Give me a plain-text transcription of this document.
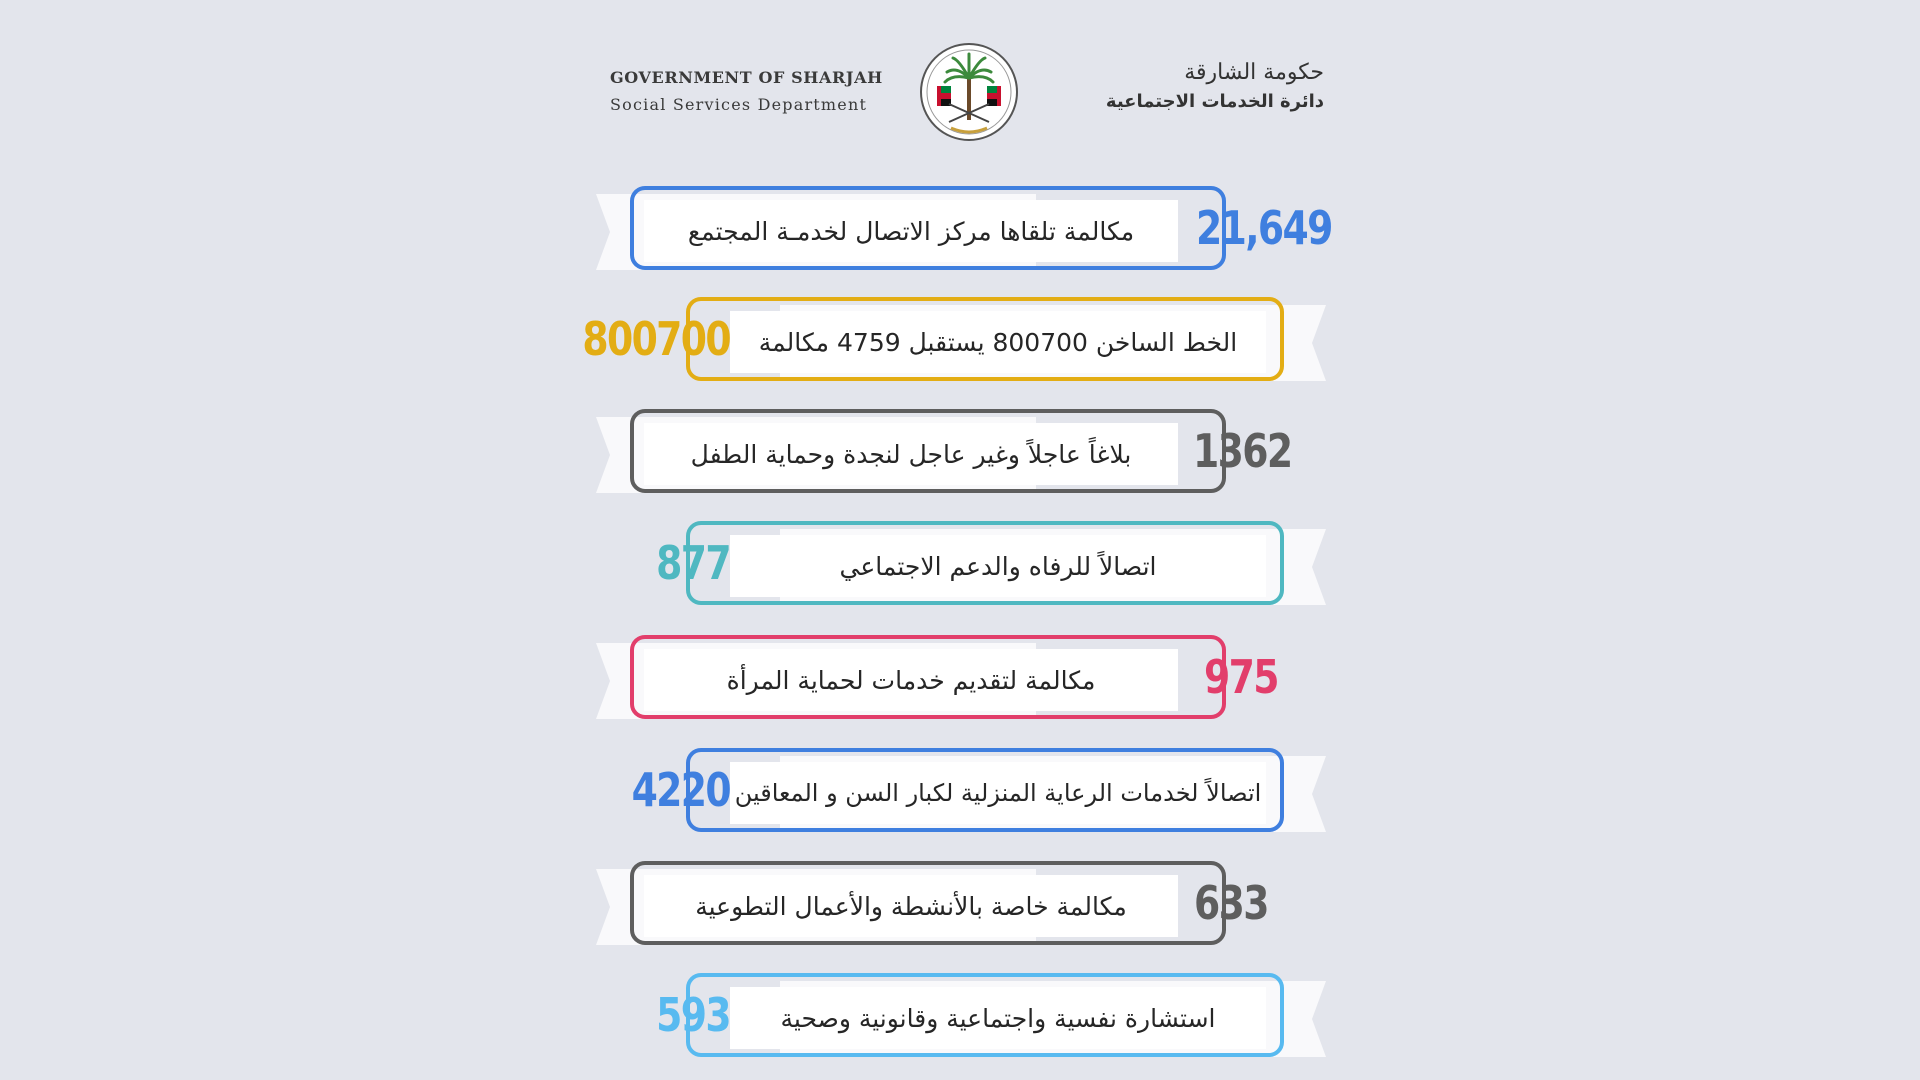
GOVERNMENT OF SHARJAH
Social Services Department
حكومة الشارقة
دائرة الخدمات الاجتماعية
مكالمة تلقاها مركز الاتصال لخدمـة المجتمع	21,649
800700	الخط الساخن 800700 يستقبل 4759 مكالمة
بلاغاً عاجلاً وغير عاجل لنجدة وحماية الطفل	1362
877	اتصالاً للرفاه والدعم الاجتماعي
مكالمة لتقديم خدمات لحماية المرأة	975
4220 اتصالاً لخدمات الرعاية المنزلية لكبار السن و المعاقين
مكالمة خاصة بالأنشطة والأعمال التطوعية	633
593	استشارة نفسية واجتماعية وقانونية وصحية
